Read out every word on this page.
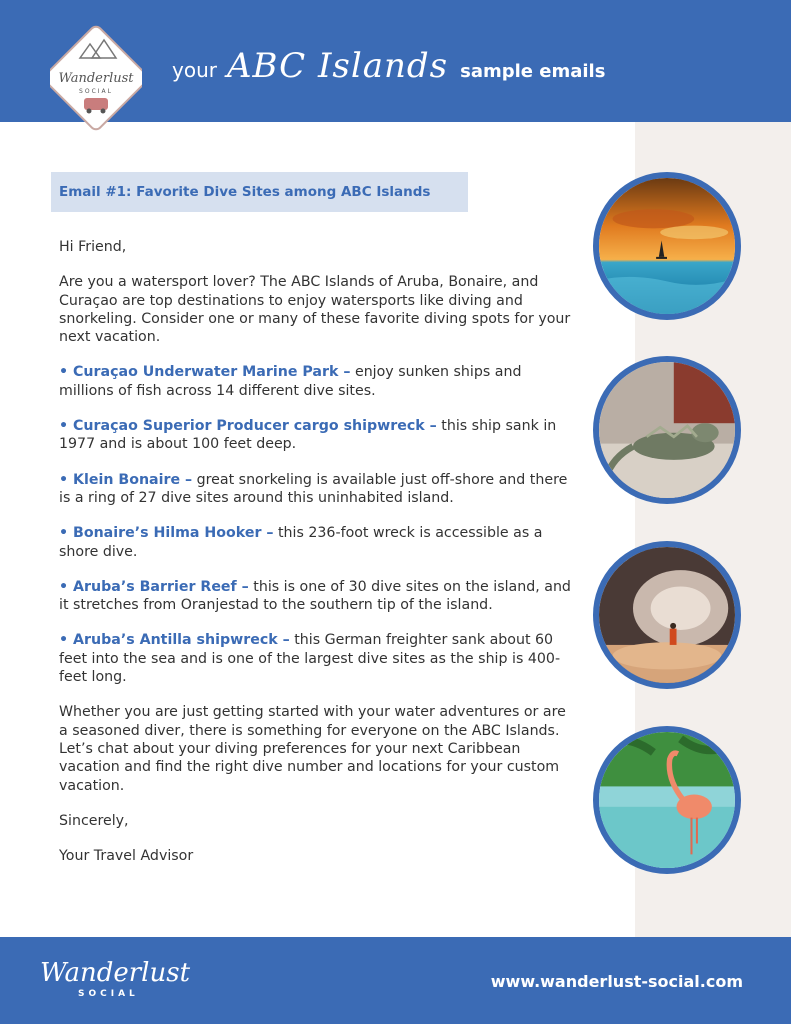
Wanderlust
SOCIAL
your ABC Islands sample emails
Email #1: Favorite Dive Sites among ABC Islands

Hi Friend,

Are you a watersport lover? The ABC Islands of Aruba, Bonaire, and Curaçao are top destinations to enjoy watersports like diving and snorkeling. Consider one or many of these favorite diving spots for your next vacation.

• Curaçao Underwater Marine Park – enjoy sunken ships and millions of fish across 14 different dive sites.

• Curaçao Superior Producer cargo shipwreck – this ship sank in 1977 and is about 100 feet deep.

• Klein Bonaire – great snorkeling is available just off-shore and there is a ring of 27 dive sites around this uninhabited island.

• Bonaire’s Hilma Hooker – this 236-foot wreck is accessible as a shore dive.

• Aruba’s Barrier Reef – this is one of 30 dive sites on the island, and it stretches from Oranjestad to the southern tip of the island.

• Aruba’s Antilla shipwreck – this German freighter sank about 60 feet into the sea and is one of the largest dive sites as the ship is 400-feet long.

Whether you are just getting started with your water adventures or are a seasoned diver, there is something for everyone on the ABC Islands. Let’s chat about your diving preferences for your next Caribbean vacation and find the right dive number and locations for your custom vacation.

Sincerely,

Your Travel Advisor

Wanderlust
SOCIAL
www.wanderlust-social.com
